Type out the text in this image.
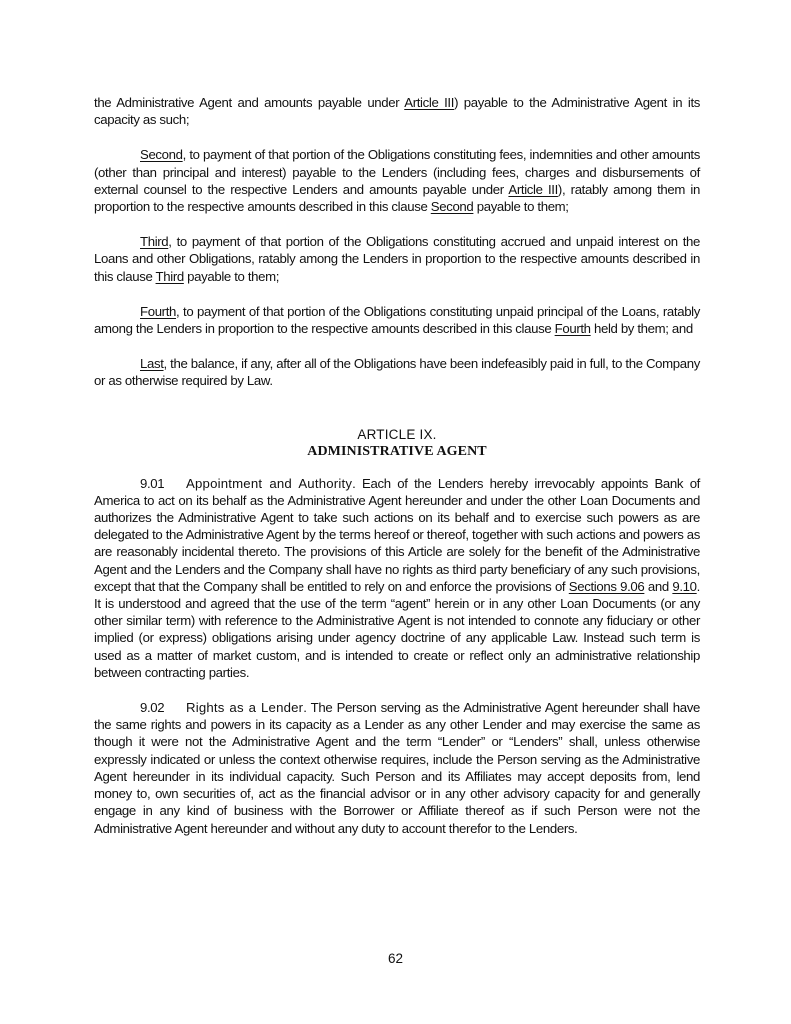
the Administrative Agent and amounts payable under Article III) payable to the Administrative Agent in its capacity as such;

Second, to payment of that portion of the Obligations constituting fees, indemnities and other amounts (other than principal and interest) payable to the Lenders (including fees, charges and disbursements of external counsel to the respective Lenders and amounts payable under Article III), ratably among them in proportion to the respective amounts described in this clause Second payable to them;

Third, to payment of that portion of the Obligations constituting accrued and unpaid interest on the Loans and other Obligations, ratably among the Lenders in proportion to the respective amounts described in this clause Third payable to them;

Fourth, to payment of that portion of the Obligations constituting unpaid principal of the Loans, ratably among the Lenders in proportion to the respective amounts described in this clause Fourth held by them; and

Last, the balance, if any, after all of the Obligations have been indefeasibly paid in full, to the Company or as otherwise required by Law.

ARTICLE IX.
ADMINISTRATIVE AGENT

9.01 Appointment and Authority. Each of the Lenders hereby irrevocably appoints Bank of America to act on its behalf as the Administrative Agent hereunder and under the other Loan Documents and authorizes the Administrative Agent to take such actions on its behalf and to exercise such powers as are delegated to the Administrative Agent by the terms hereof or thereof, together with such actions and powers as are reasonably incidental thereto. The provisions of this Article are solely for the benefit of the Administrative Agent and the Lenders and the Company shall have no rights as third party beneficiary of any such provisions, except that that the Company shall be entitled to rely on and enforce the provisions of Sections 9.06 and 9.10. It is understood and agreed that the use of the term “agent” herein or in any other Loan Documents (or any other similar term) with reference to the Administrative Agent is not intended to connote any fiduciary or other implied (or express) obligations arising under agency doctrine of any applicable Law. Instead such term is used as a matter of market custom, and is intended to create or reflect only an administrative relationship between contracting parties.

9.02 Rights as a Lender. The Person serving as the Administrative Agent hereunder shall have the same rights and powers in its capacity as a Lender as any other Lender and may exercise the same as though it were not the Administrative Agent and the term “Lender” or “Lenders” shall, unless otherwise expressly indicated or unless the context otherwise requires, include the Person serving as the Administrative Agent hereunder in its individual capacity. Such Person and its Affiliates may accept deposits from, lend money to, own securities of, act as the financial advisor or in any other advisory capacity for and generally engage in any kind of business with the Borrower or Affiliate thereof as if such Person were not the Administrative Agent hereunder and without any duty to account therefor to the Lenders.

62
